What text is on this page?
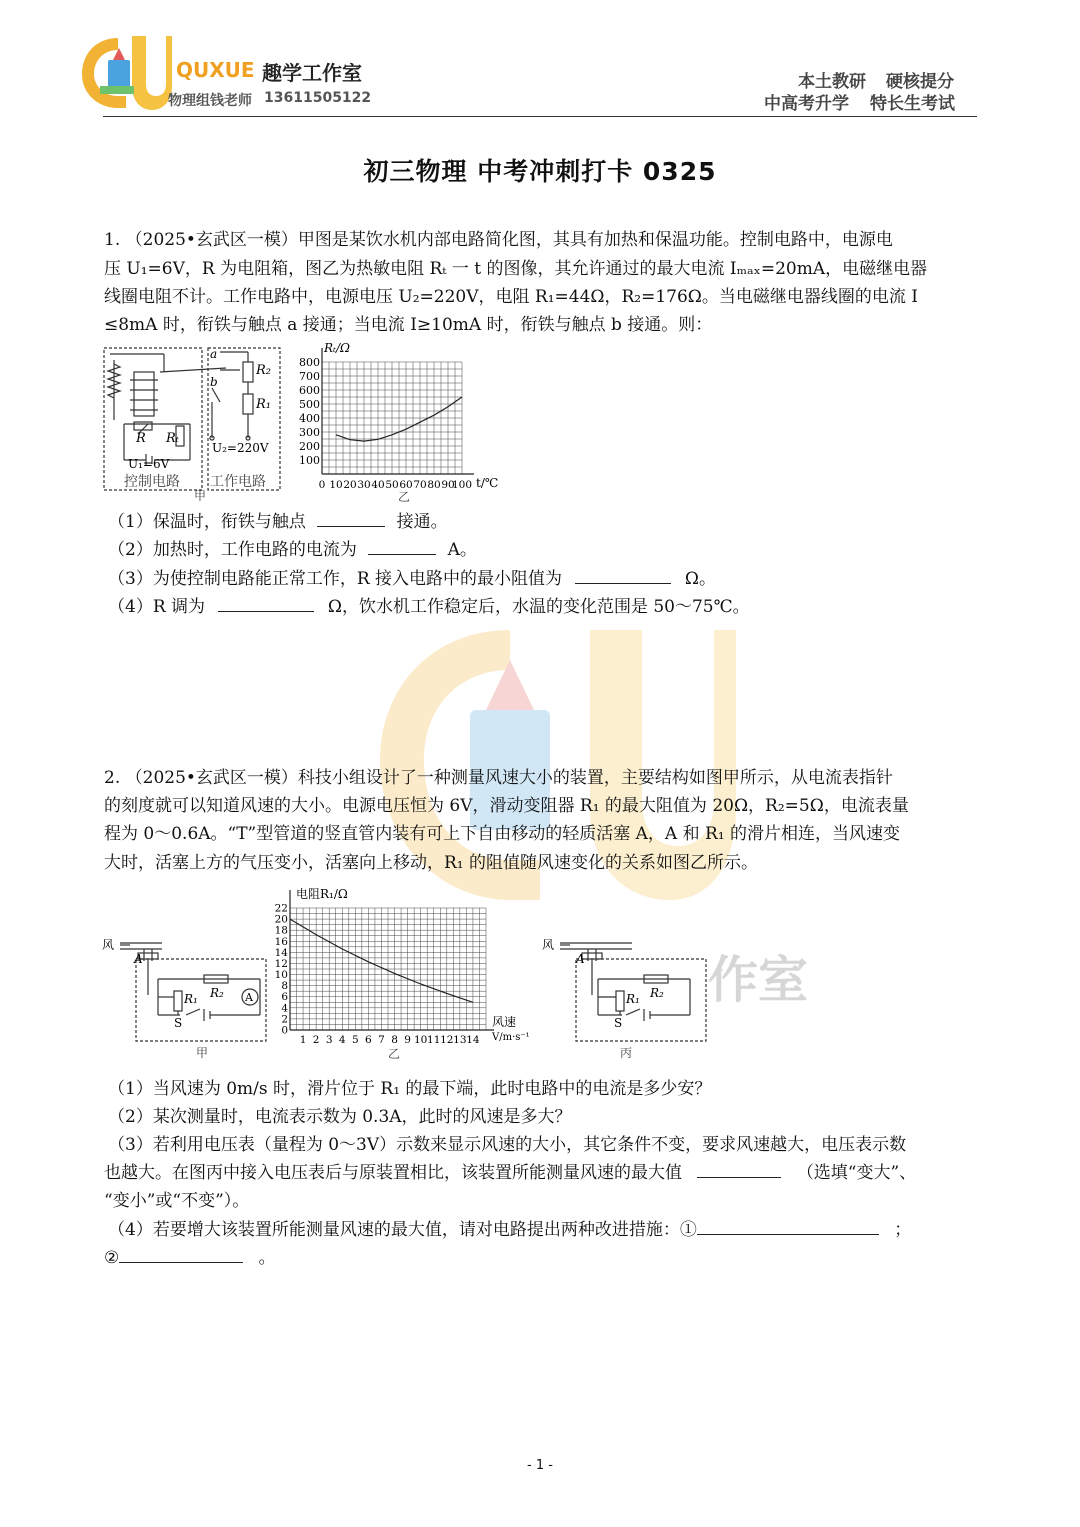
QUXUE 趣学工作室
物理组钱老师 13611505122
本土教研 硬核提分
中高考升学 特长生考试
初三物理 中考冲刺打卡 0325
1. （2025•玄武区一模）甲图是某饮水机内部电路简化图，其具有加热和保温功能。控制电路中，电源电
压 U₁=6V，R 为电阻箱，图乙为热敏电阻 Rₜ 一 t 的图像，其允许通过的最大电流 Iₘₐₓ=20mA，电磁继电器
线圈电阻不计。工作电路中，电源电压 U₂=220V，电阻 R₁=44Ω，R₂=176Ω。当电磁继电器线圈的电流 I
≤8mA 时，衔铁与触点 a 接通；当电流 I≥10mA 时，衔铁与触点 b 接通。则：
a
b
R₂
R₁
R Rₜ
U₁=6V
U₂=220V
控制电路 工作电路
甲
100
200
300
400
500
600
700
800
0 10 20 30 40 50 60 70 80 90
100
Rₜ/Ω
t/℃
乙
（1）保温时，衔铁与触点	接通。
（2）加热时，工作电路的电流为	A。
（3）为使控制电路能正常工作，R 接入电路中的最小阻值为	Ω。
（4）R 调为	Ω，饮水机工作稳定后，水温的变化范围是 50～75℃。
2. （2025•玄武区一模）科技小组设计了一种测量风速大小的装置，主要结构如图甲所示，从电流表指针
的刻度就可以知道风速的大小。电源电压恒为 6V，滑动变阻器 R₁ 的最大阻值为 20Ω，R₂=5Ω，电流表量
程为 0～0.6A。“T”型管道的竖直管内装有可上下自由移动的轻质活塞 A，A 和 R₁ 的滑片相连，当风速变
大时，活塞上方的气压变小，活塞向上移动，R₁ 的阻值随风速变化的关系如图乙所示。
风
A
R₁ R₂ A
S
甲
0
2
4
6
8
10
12
14
16
18
20
22
1 2 3 4 5 6 7 8 9 10 11 12 13 14
电阻R₁/Ω
风速
V/m·s⁻¹
乙
风
A
R₁ R₂
S
丙
作室
（1）当风速为 0m/s 时，滑片位于 R₁ 的最下端，此时电路中的电流是多少安？
（2）某次测量时，电流表示数为 0.3A，此时的风速是多大？
（3）若利用电压表（量程为 0～3V）示数来显示风速的大小，其它条件不变，要求风速越大，电压表示数
也越大。在图丙中接入电压表后与原装置相比，该装置所能测量风速的最大值	（选填“变大”、
“变小”或“不变”）。
（4）若要增大该装置所能测量风速的最大值，请对电路提出两种改进措施：①	；
②	。
- 1 -
